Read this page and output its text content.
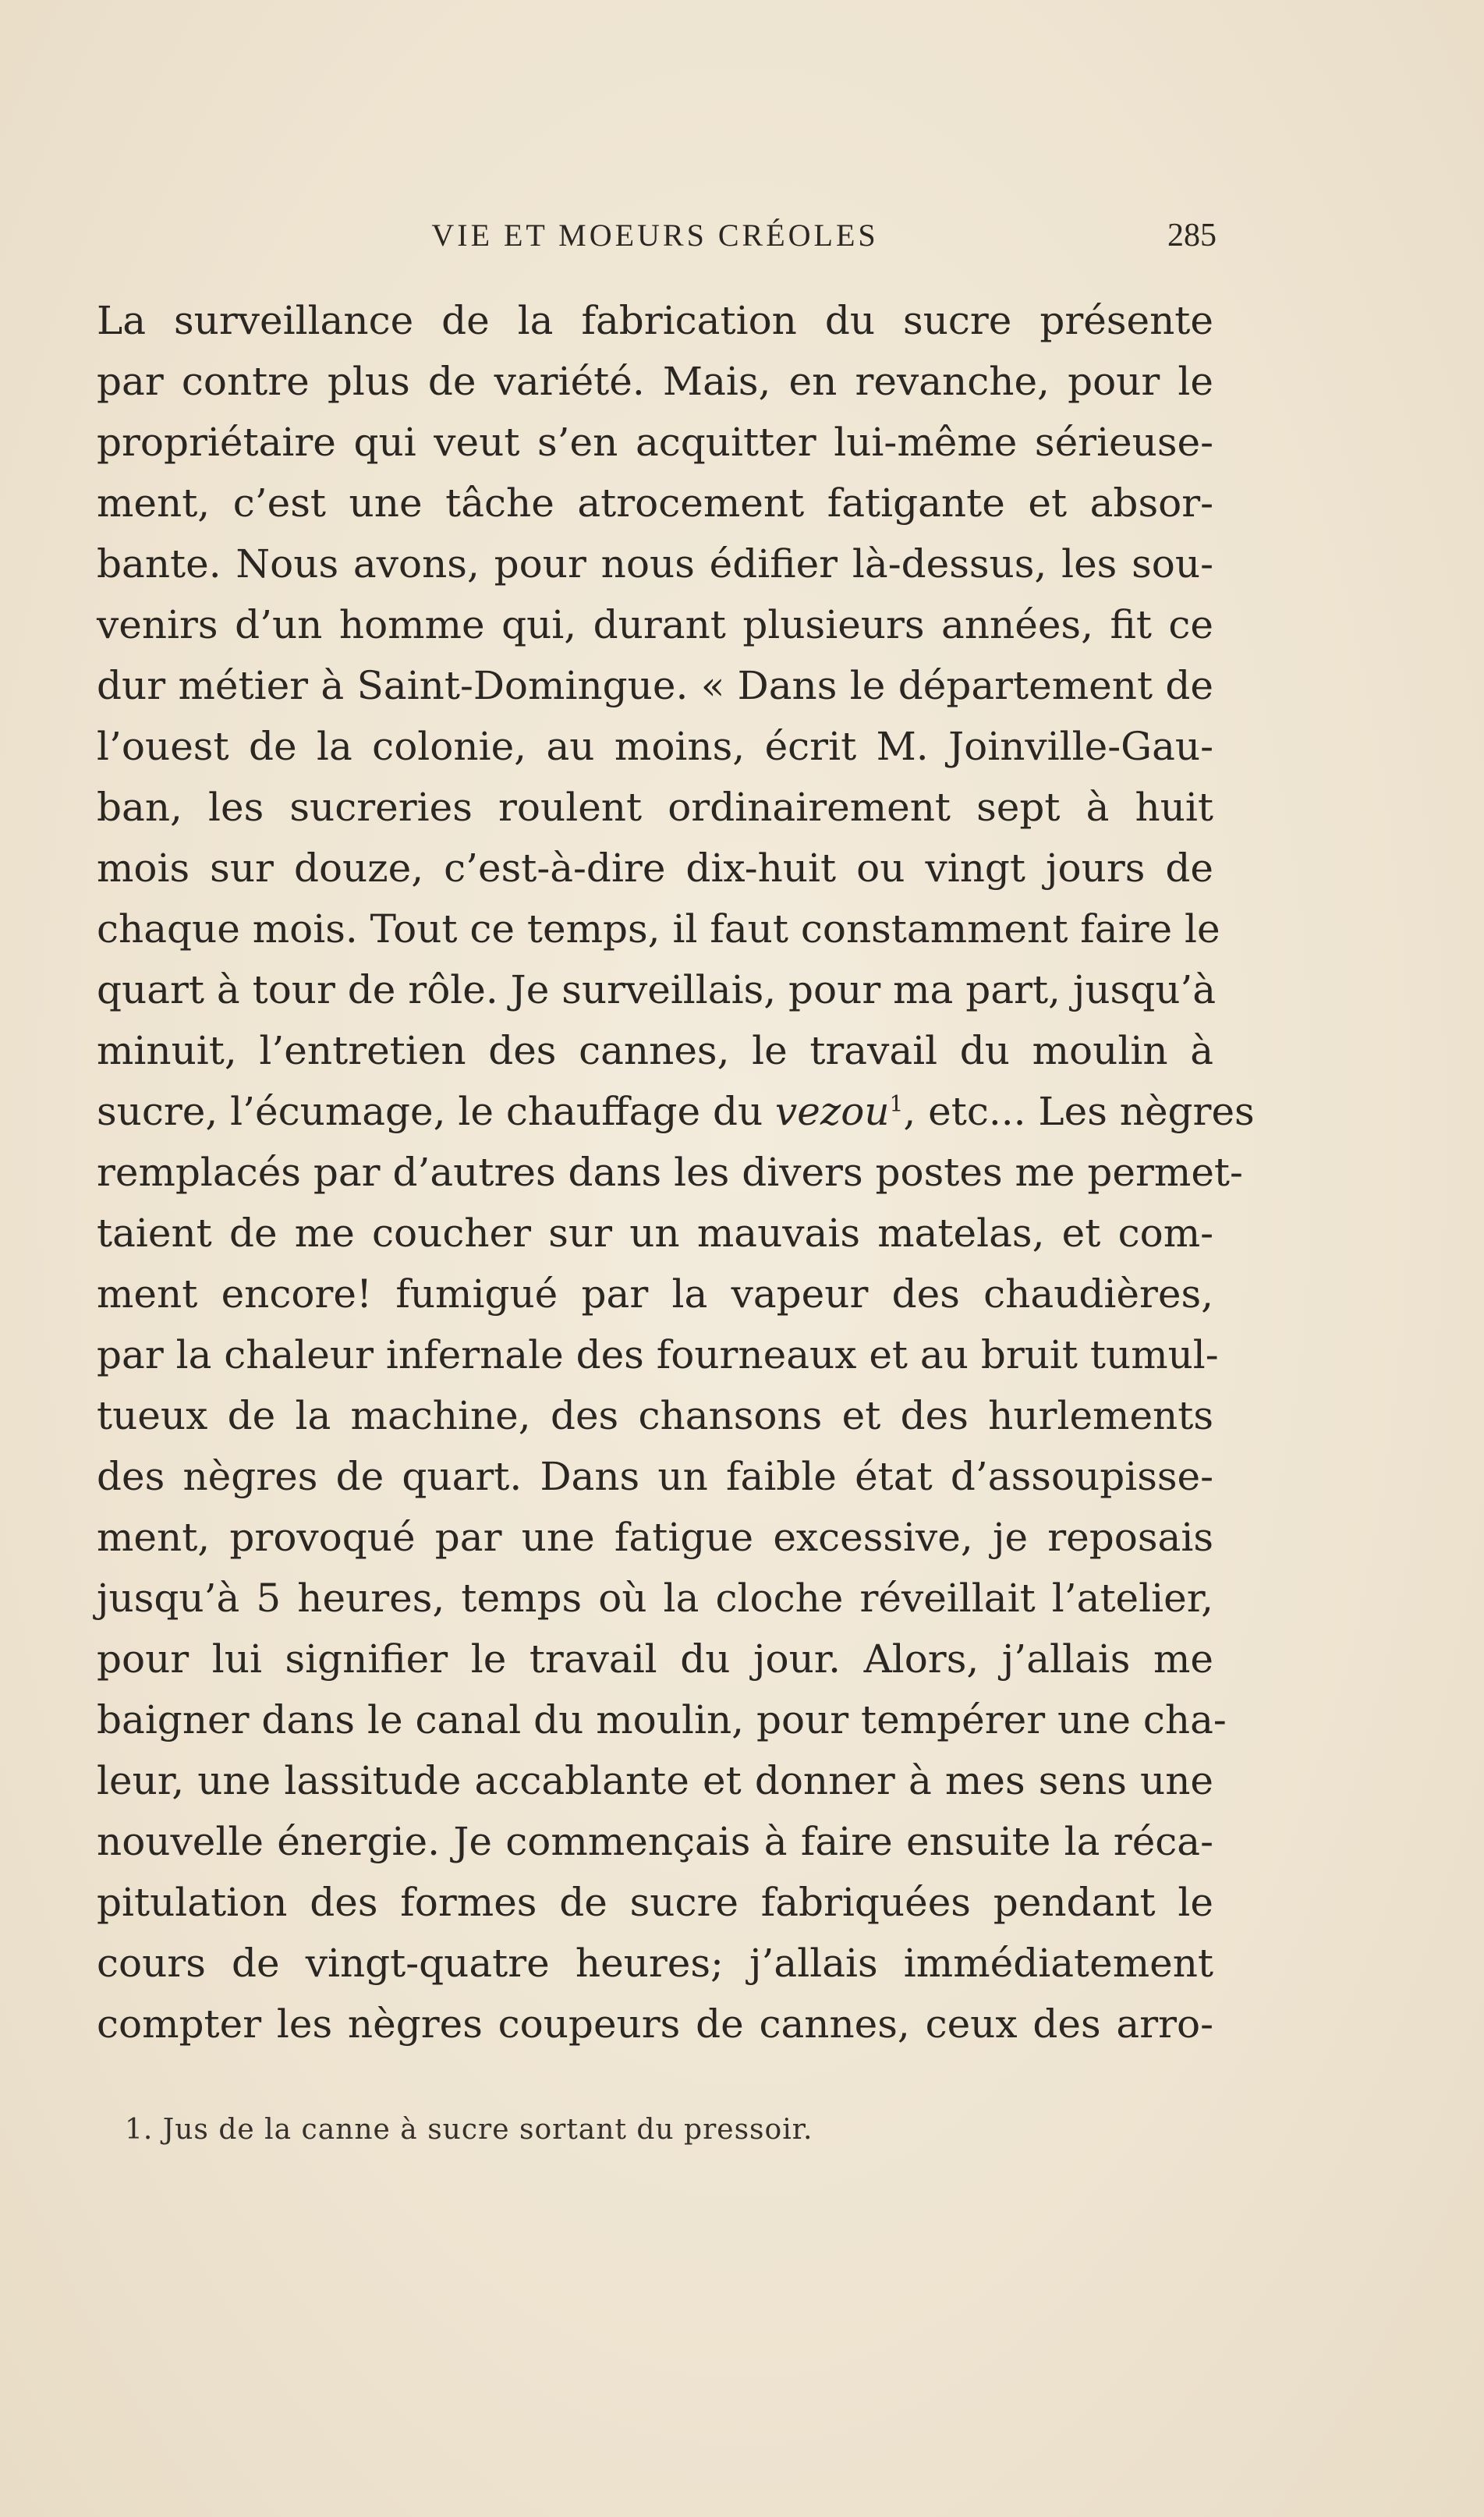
VIE ET MOEURS CRÉOLES	285
La surveillance de la fabrication du sucre présente
par contre plus de variété. Mais, en revanche, pour le
propriétaire qui veut s’en acquitter lui-même sérieuse-
ment, c’est une tâche atrocement fatigante et absor-
bante. Nous avons, pour nous édifier là-dessus, les sou-
venirs d’un homme qui, durant plusieurs années, fit ce
dur métier à Saint-Domingue. « Dans le département de
l’ouest de la colonie, au moins, écrit M. Joinville-Gau-
ban, les sucreries roulent ordinairement sept à huit
mois sur douze, c’est-à-dire dix-huit ou vingt jours de
chaque mois. Tout ce temps, il faut constamment faire le
quart à tour de rôle. Je surveillais, pour ma part, jusqu’à
minuit, l’entretien des cannes, le travail du moulin à
sucre, l’écumage, le chauffage du vezou$^1$, etc... Les nègres
remplacés par d’autres dans les divers postes me permet-
taient de me coucher sur un mauvais matelas, et com-
ment encore! fumigué par la vapeur des chaudières,
par la chaleur infernale des fourneaux et au bruit tumul-
tueux de la machine, des chansons et des hurlements
des nègres de quart. Dans un faible état d’assoupisse-
ment, provoqué par une fatigue excessive, je reposais
jusqu’à 5 heures, temps où la cloche réveillait l’atelier,
pour lui signifier le travail du jour. Alors, j’allais me
baigner dans le canal du moulin, pour tempérer une cha-
leur, une lassitude accablante et donner à mes sens une
nouvelle énergie. Je commençais à faire ensuite la réca-
pitulation des formes de sucre fabriquées pendant le
cours de vingt-quatre heures; j’allais immédiatement
compter les nègres coupeurs de cannes, ceux des arro-
1. Jus de la canne à sucre sortant du pressoir.
